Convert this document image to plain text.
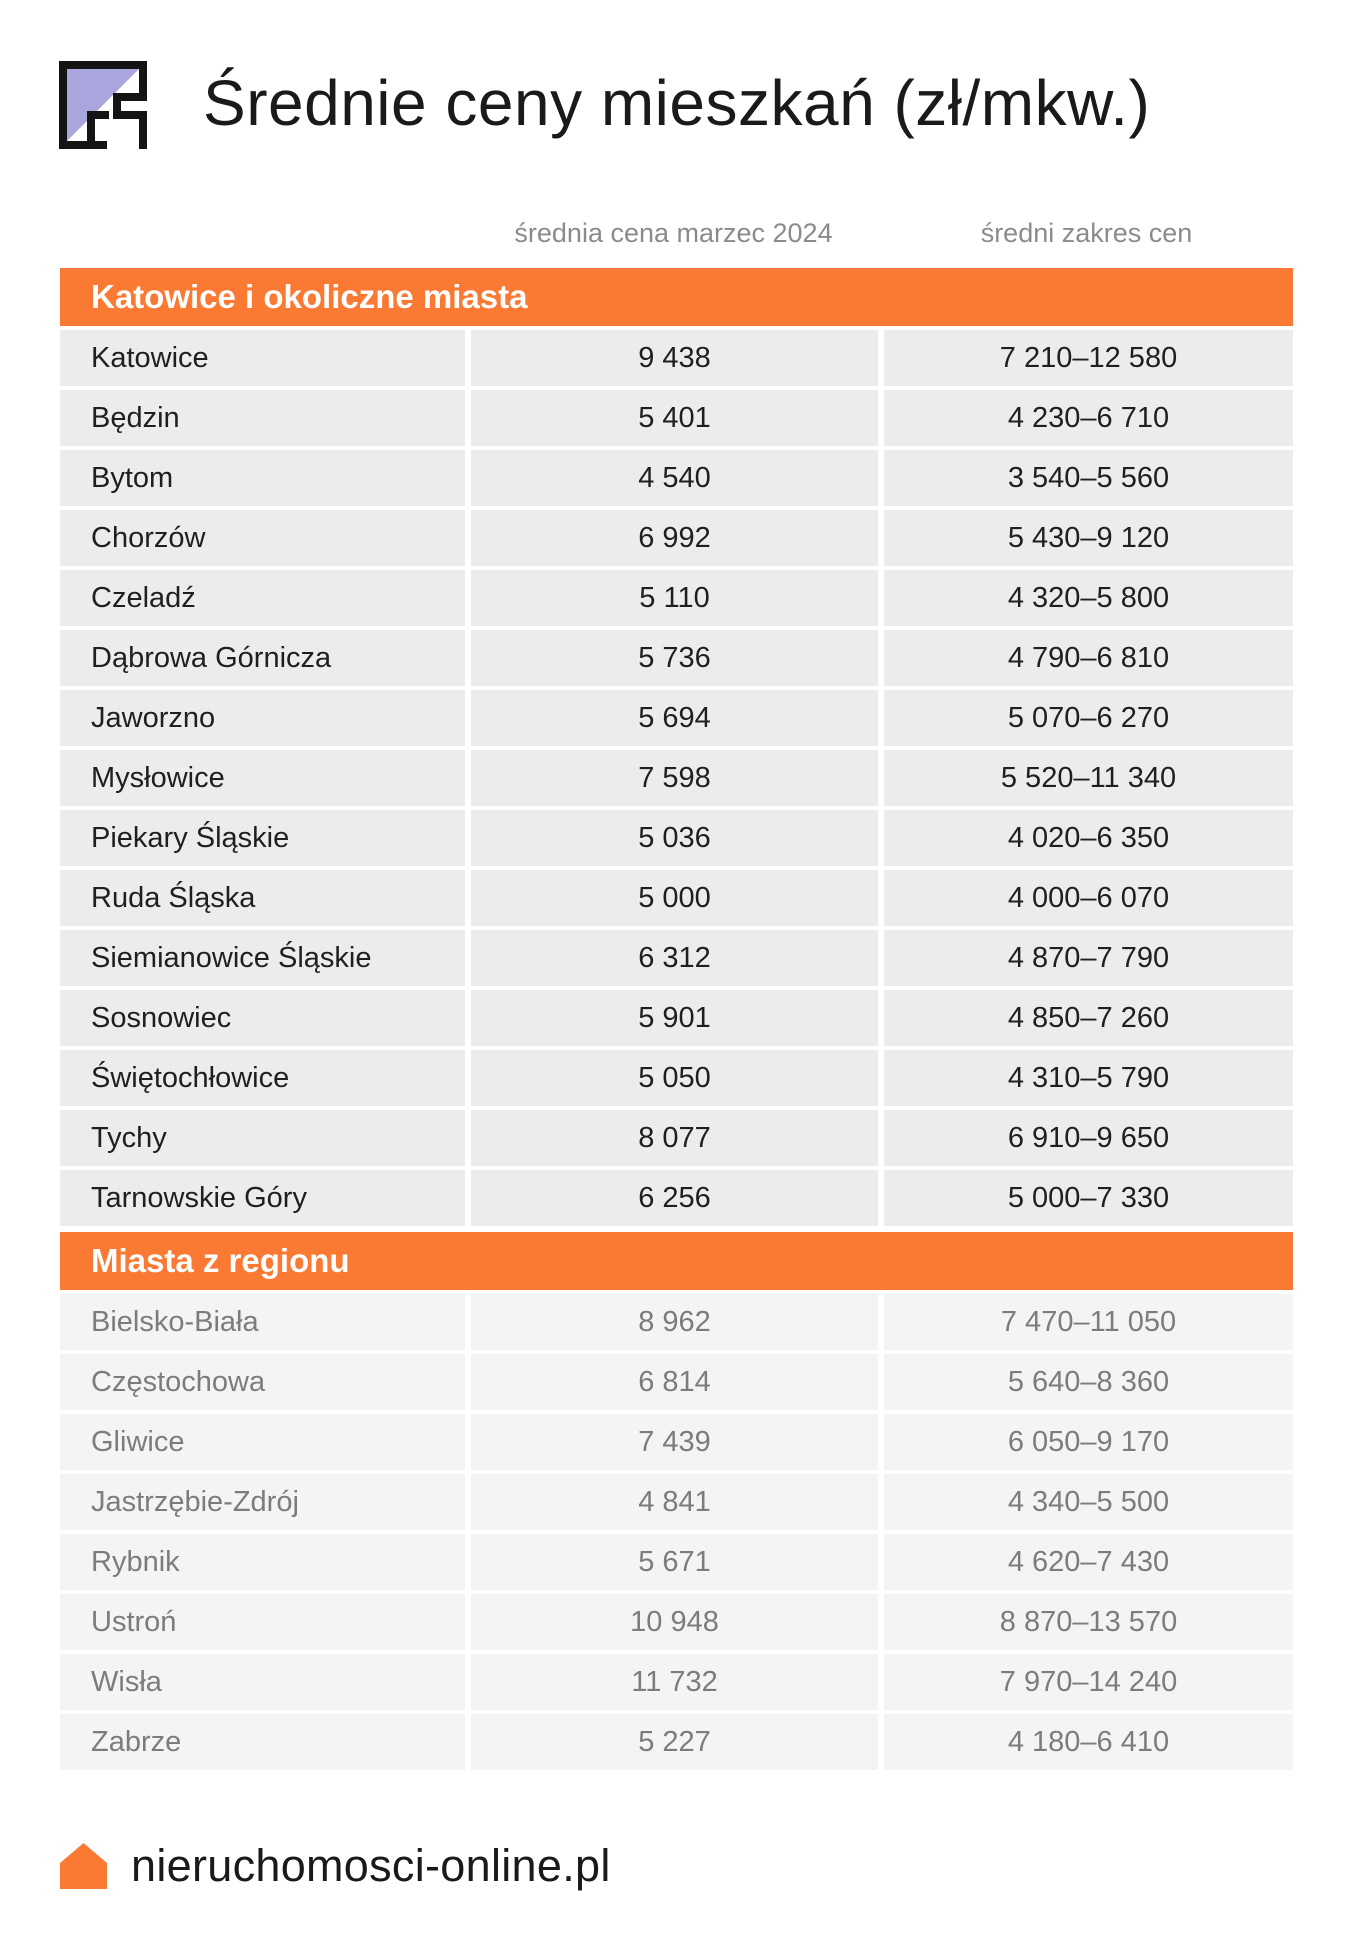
Średnie ceny mieszkań (zł/mkw.)
średnia cena marzec 2024	średni zakres cen
Katowice i okoliczne miasta
Katowice	9 438	7 210–12 580
Będzin	5 401	4 230–6 710
Bytom	4 540	3 540–5 560
Chorzów	6 992	5 430–9 120
Czeladź	5 110	4 320–5 800
Dąbrowa Górnicza	5 736	4 790–6 810
Jaworzno	5 694	5 070–6 270
Mysłowice	7 598	5 520–11 340
Piekary Śląskie	5 036	4 020–6 350
Ruda Śląska	5 000	4 000–6 070
Siemianowice Śląskie	6 312	4 870–7 790
Sosnowiec	5 901	4 850–7 260
Świętochłowice	5 050	4 310–5 790
Tychy	8 077	6 910–9 650
Tarnowskie Góry	6 256	5 000–7 330
Miasta z regionu
Bielsko-Biała	8 962	7 470–11 050
Częstochowa	6 814	5 640–8 360
Gliwice	7 439	6 050–9 170
Jastrzębie-Zdrój	4 841	4 340–5 500
Rybnik	5 671	4 620–7 430
Ustroń	10 948	8 870–13 570
Wisła	11 732	7 970–14 240
Zabrze	5 227	4 180–6 410
nieruchomosci-online.pl
